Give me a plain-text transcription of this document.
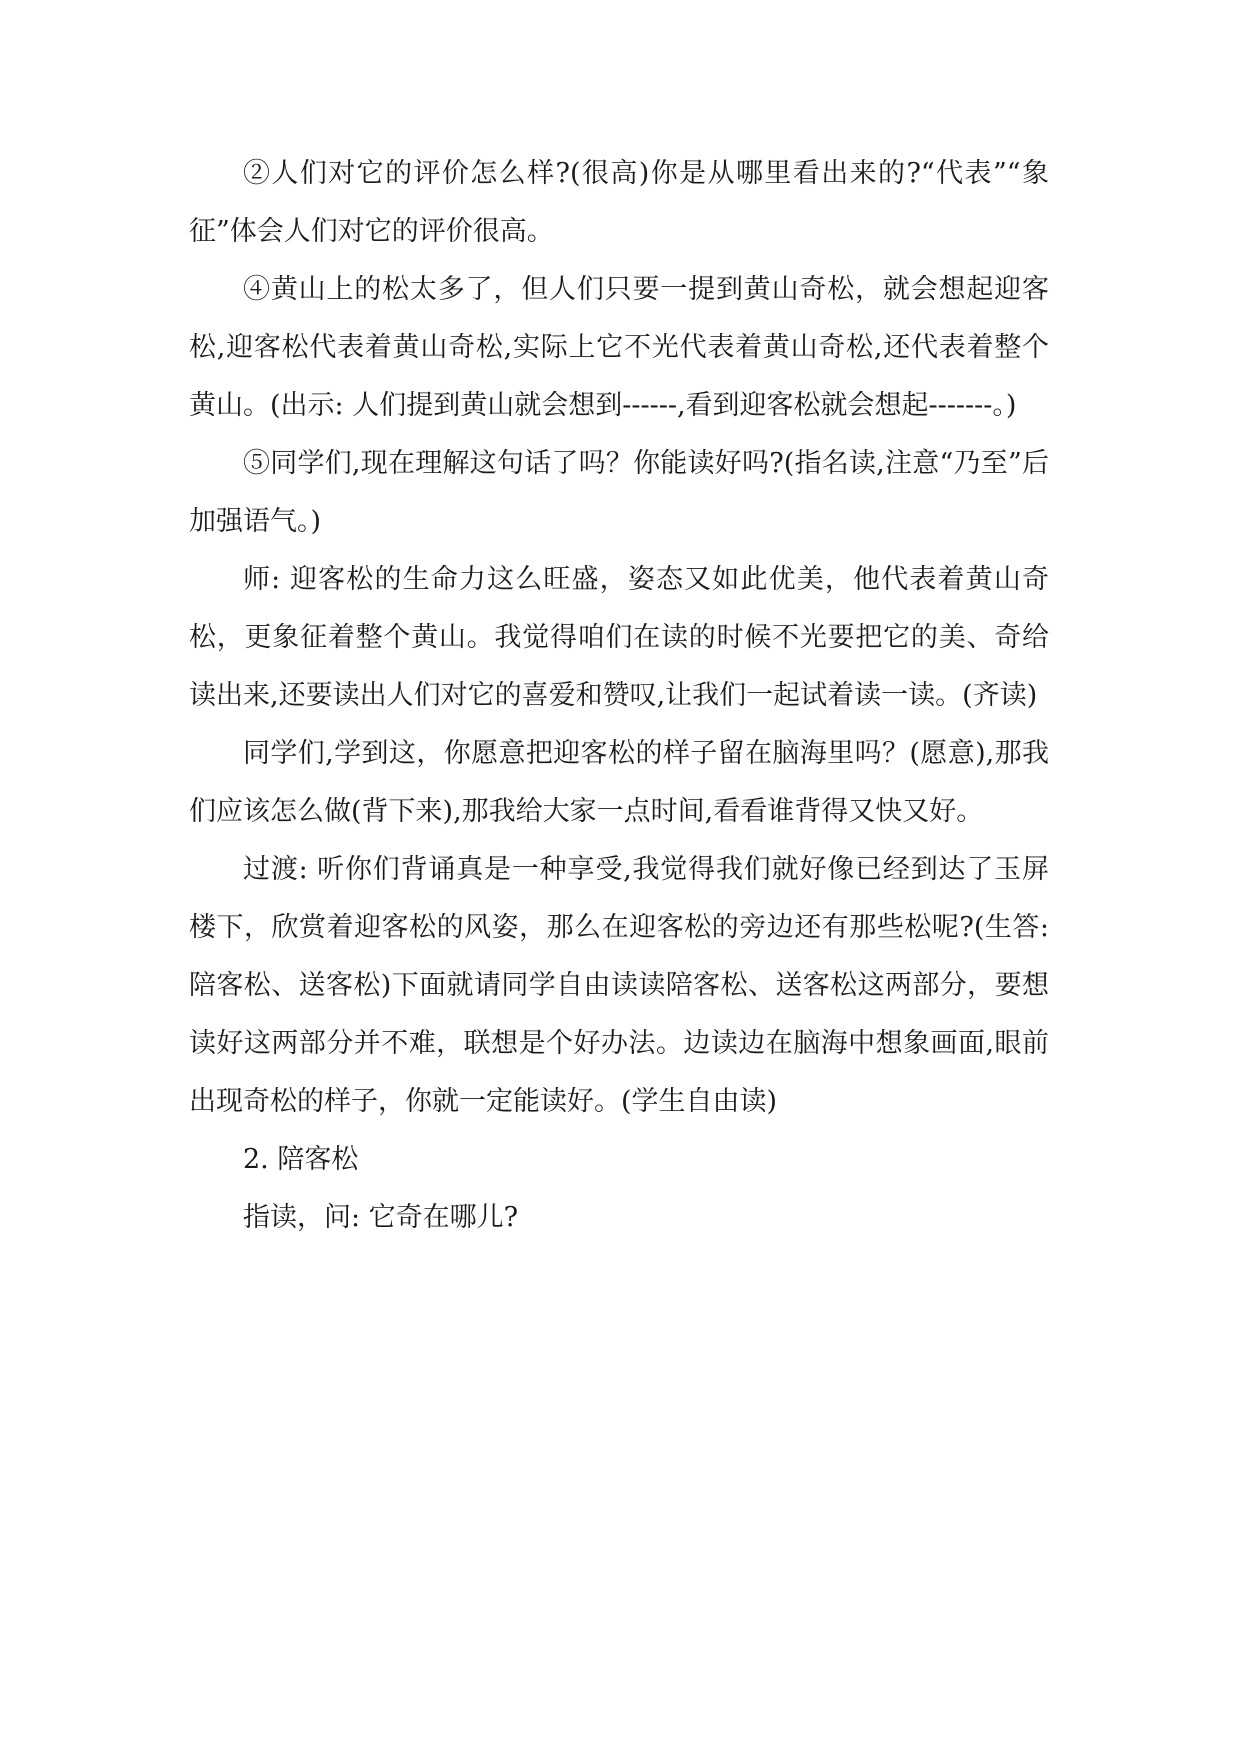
②人们对它的评价怎么样?(很高)你是从哪里看出来的?“代表”“象征”体会人们对它的评价很高。

④黄山上的松太多了，但人们只要一提到黄山奇松，就会想起迎客松,迎客松代表着黄山奇松,实际上它不光代表着黄山奇松,还代表着整个黄山。(出示: 人们提到黄山就会想到------,看到迎客松就会想起-------。)

⑤同学们,现在理解这句话了吗？你能读好吗?(指名读,注意“乃至”后加强语气。)

师: 迎客松的生命力这么旺盛，姿态又如此优美，他代表着黄山奇松，更象征着整个黄山。我觉得咱们在读的时候不光要把它的美、奇给读出来,还要读出人们对它的喜爱和赞叹,让我们一起试着读一读。(齐读)

同学们,学到这，你愿意把迎客松的样子留在脑海里吗？(愿意),那我们应该怎么做(背下来),那我给大家一点时间,看看谁背得又快又好。

过渡: 听你们背诵真是一种享受,我觉得我们就好像已经到达了玉屏楼下，欣赏着迎客松的风姿，那么在迎客松的旁边还有那些松呢?(生答: 陪客松、送客松)下面就请同学自由读读陪客松、送客松这两部分，要想读好这两部分并不难，联想是个好办法。边读边在脑海中想象画面,眼前出现奇松的样子，你就一定能读好。(学生自由读)

2. 陪客松

指读，问: 它奇在哪儿?
